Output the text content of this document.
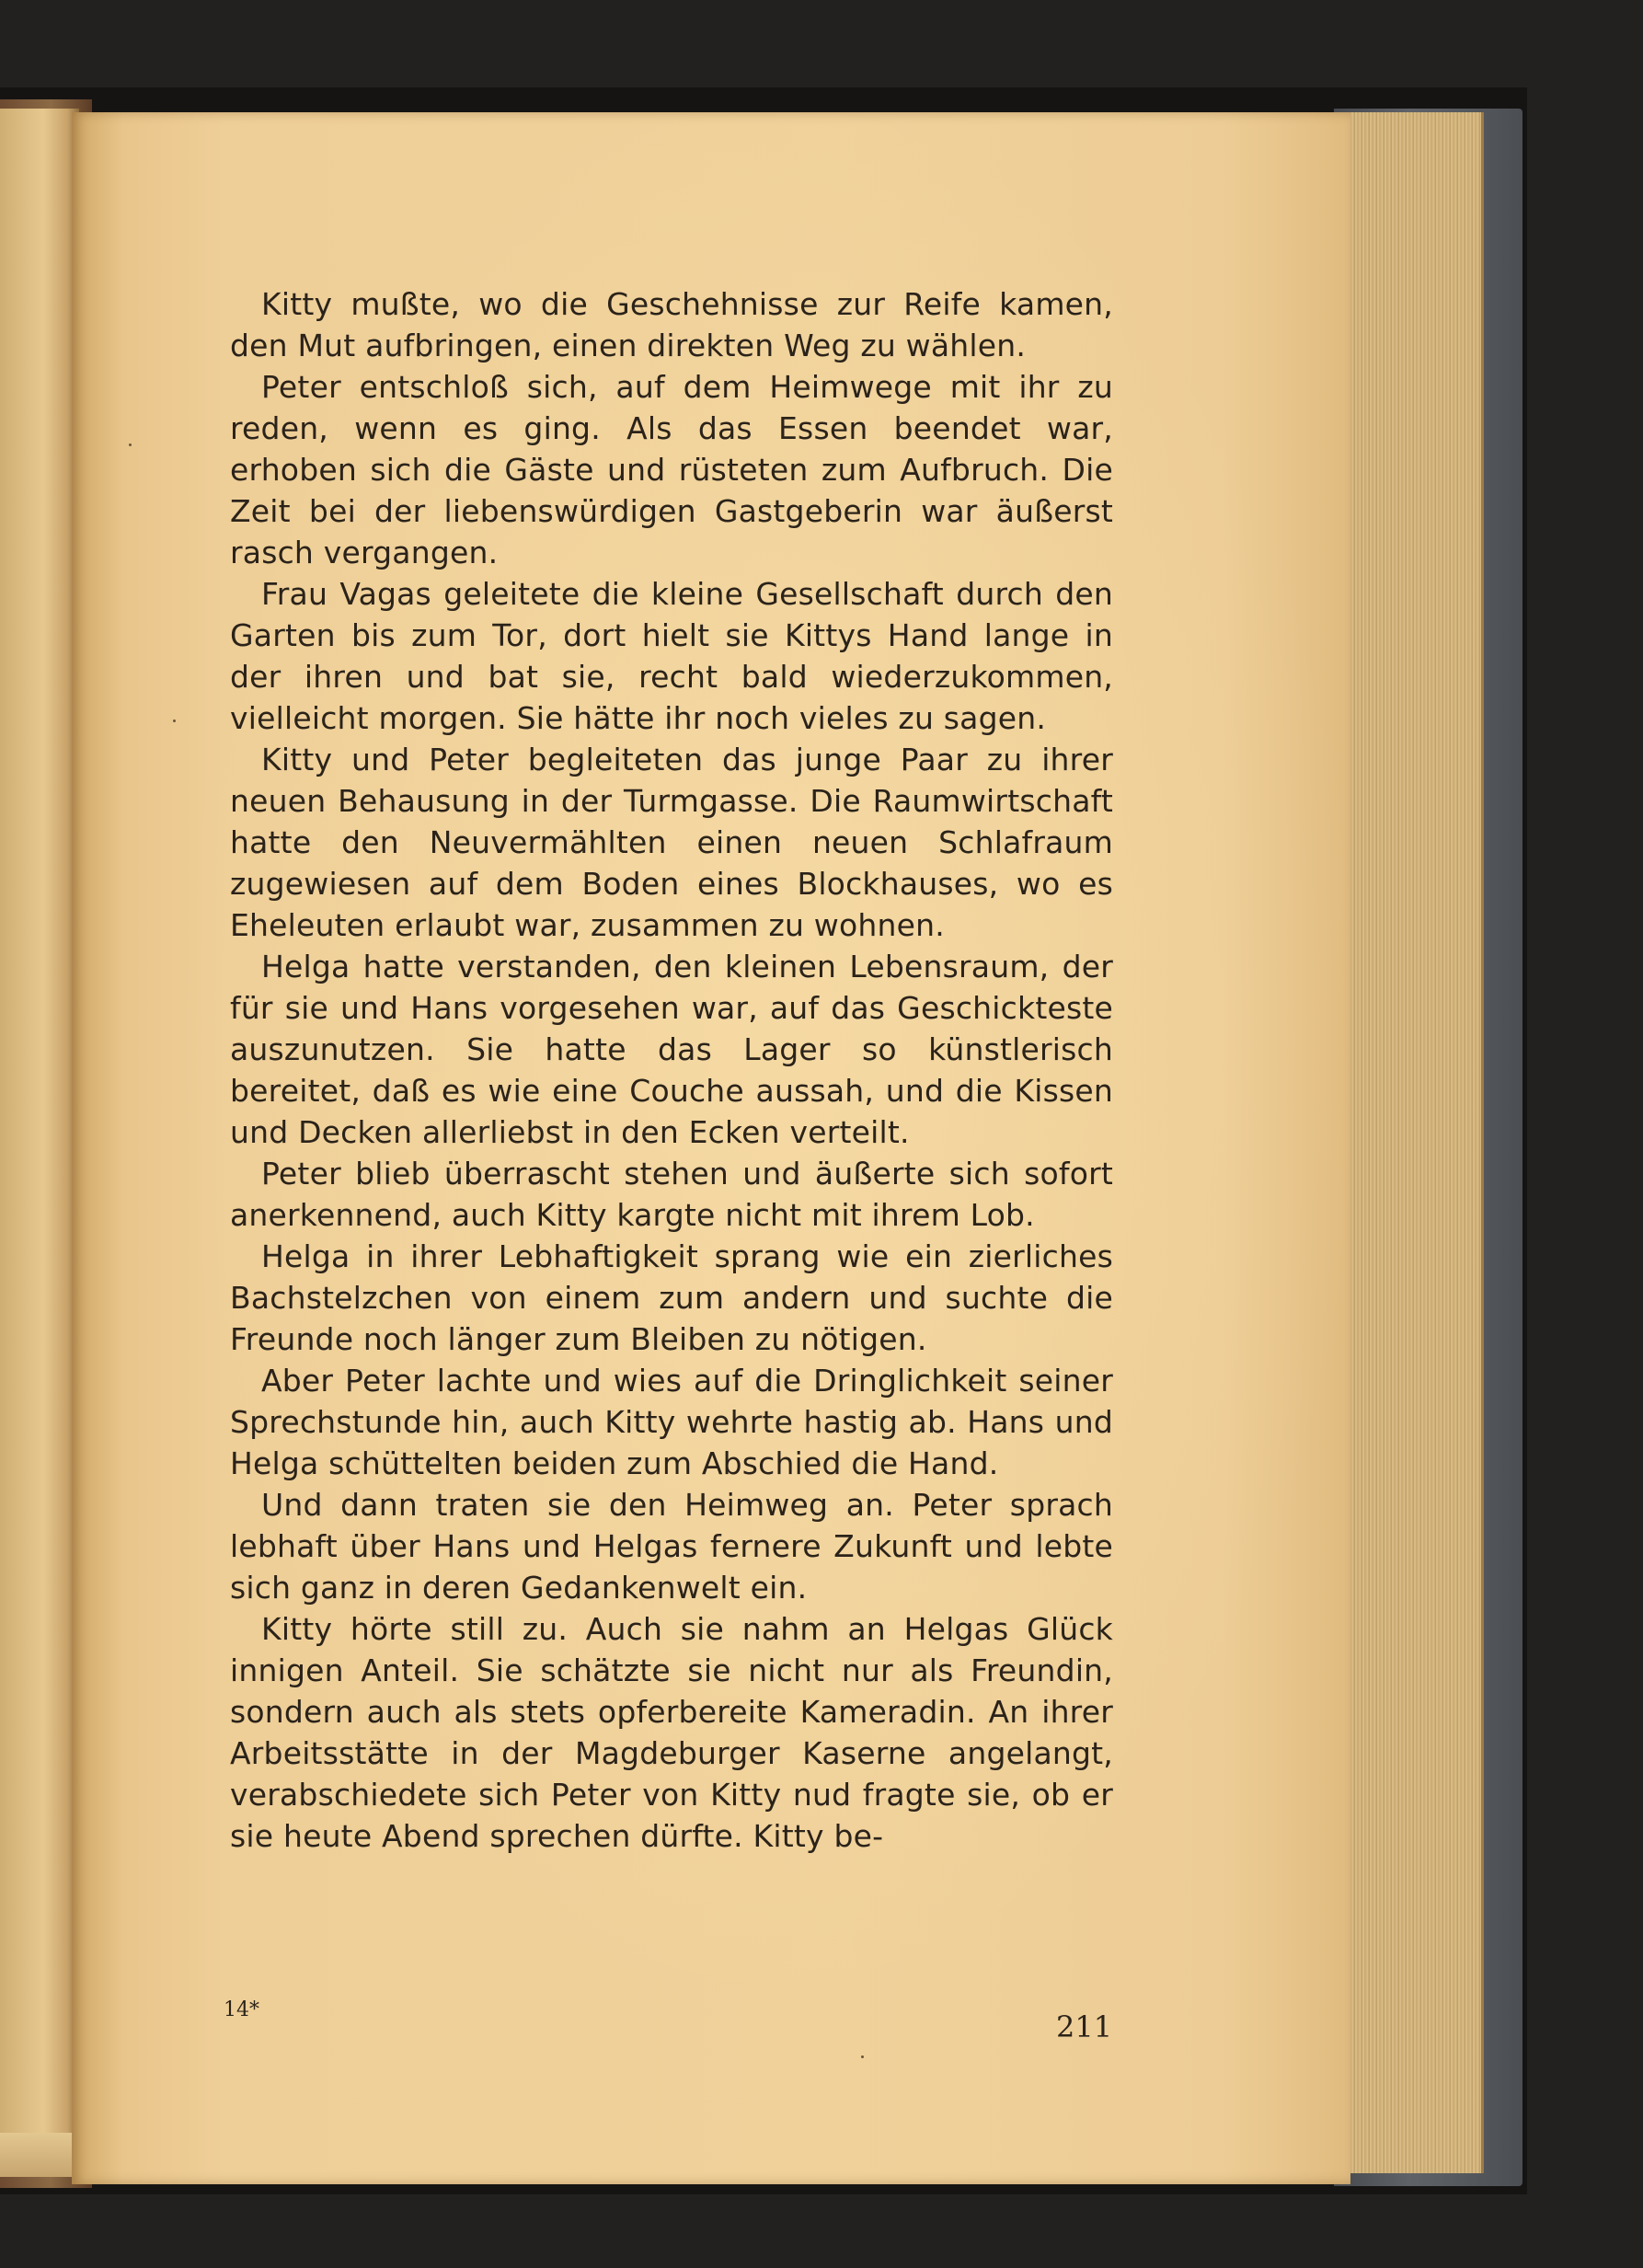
Kitty mußte, wo die Geschehnisse zur Reife kamen, den Mut aufbringen, einen direkten Weg zu wählen.

Peter entschloß sich, auf dem Heimwege mit ihr zu reden, wenn es ging. Als das Essen beendet war, erhoben sich die Gäste und rüsteten zum Aufbruch. Die Zeit bei der liebenswürdigen Gastgeberin war äußerst rasch vergangen.

Frau Vagas geleitete die kleine Gesellschaft durch den Garten bis zum Tor, dort hielt sie Kittys Hand lange in der ihren und bat sie, recht bald wiederzukommen, vielleicht morgen. Sie hätte ihr noch vieles zu sagen.

Kitty und Peter begleiteten das junge Paar zu ihrer neuen Behausung in der Turmgasse. Die Raumwirtschaft hatte den Neuvermählten einen neuen Schlafraum zugewiesen auf dem Boden eines Blockhauses, wo es Eheleuten erlaubt war, zusammen zu wohnen.

Helga hatte verstanden, den kleinen Lebensraum, der für sie und Hans vorgesehen war, auf das Geschickteste auszunutzen. Sie hatte das Lager so künstlerisch bereitet, daß es wie eine Couche aussah, und die Kissen und Decken allerliebst in den Ecken verteilt.

Peter blieb überrascht stehen und äußerte sich sofort anerkennend, auch Kitty kargte nicht mit ihrem Lob.

Helga in ihrer Lebhaftigkeit sprang wie ein zierliches Bachstelzchen von einem zum andern und suchte die Freunde noch länger zum Bleiben zu nötigen.

Aber Peter lachte und wies auf die Dringlichkeit seiner Sprechstunde hin, auch Kitty wehrte hastig ab. Hans und Helga schüttelten beiden zum Abschied die Hand.

Und dann traten sie den Heimweg an. Peter sprach lebhaft über Hans und Helgas fernere Zukunft und lebte sich ganz in deren Gedankenwelt ein.

Kitty hörte still zu. Auch sie nahm an Helgas Glück innigen Anteil. Sie schätzte sie nicht nur als Freundin, sondern auch als stets opferbereite Kameradin. An ihrer Arbeitsstätte in der Magdeburger Kaserne angelangt, verabschiedete sich Peter von Kitty nud fragte sie, ob er sie heute Abend sprechen dürfte. Kitty be-

14*	211
